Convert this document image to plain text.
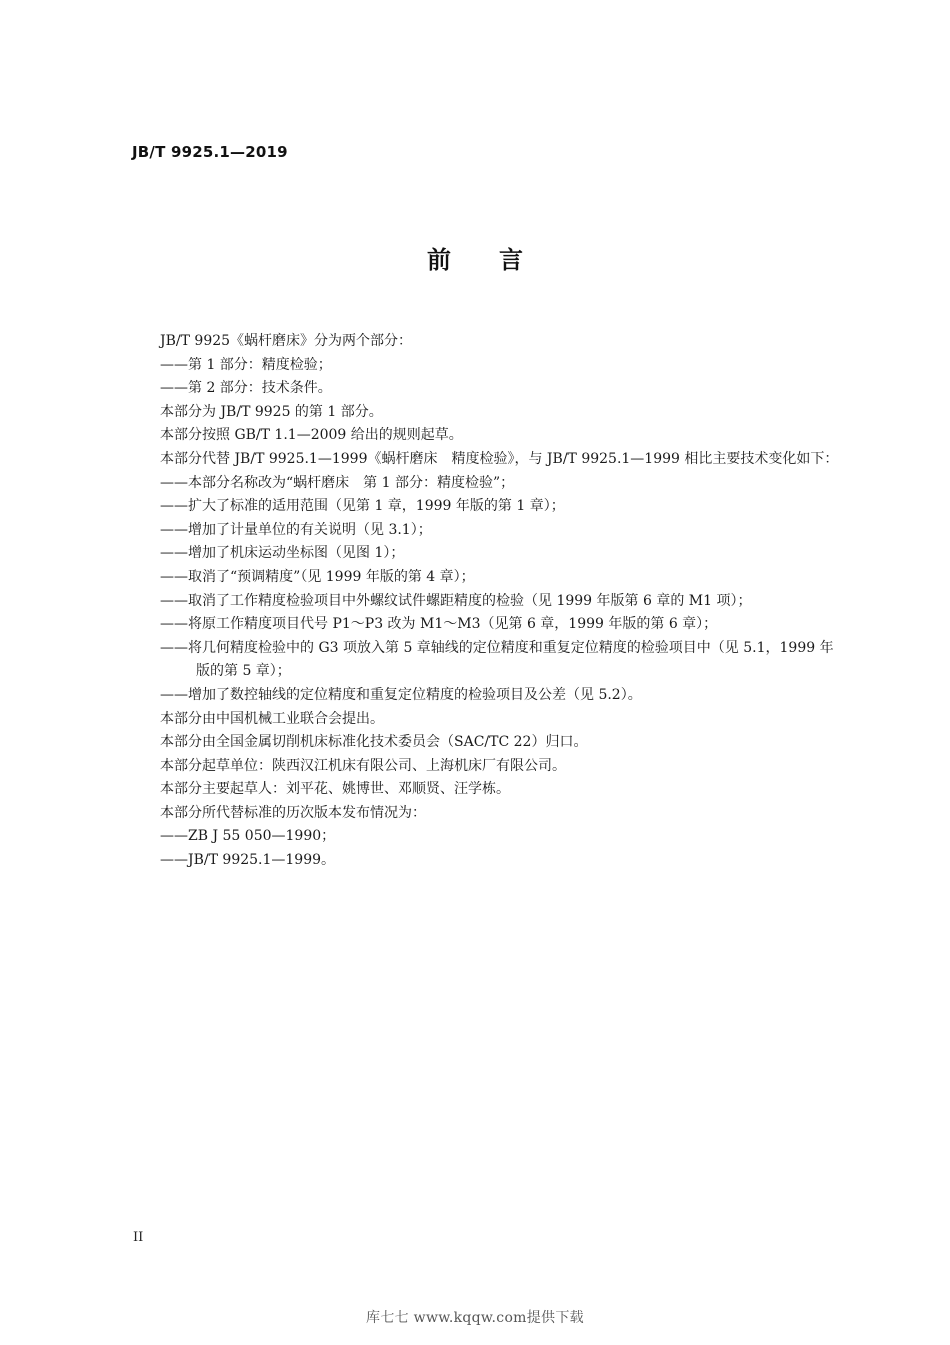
JB/T 9925.1—2019
前言

JB/T 9925《蜗杆磨床》分为两个部分：

——第 1 部分：精度检验；

——第 2 部分：技术条件。

本部分为 JB/T 9925 的第 1 部分。

本部分按照 GB/T 1.1—2009 给出的规则起草。

本部分代替 JB/T 9925.1—1999《蜗杆磨床　精度检验》，与 JB/T 9925.1—1999 相比主要技术变化如下：

——本部分名称改为“蜗杆磨床　第 1 部分：精度检验”；

——扩大了标准的适用范围（见第 1 章，1999 年版的第 1 章）；

——增加了计量单位的有关说明（见 3.1）；

——增加了机床运动坐标图（见图 1）；

——取消了“预调精度”（见 1999 年版的第 4 章）；

——取消了工作精度检验项目中外螺纹试件螺距精度的检验（见 1999 年版第 6 章的 M1 项）；

——将原工作精度项目代号 P1～P3 改为 M1～M3（见第 6 章，1999 年版的第 6 章）；

——将几何精度检验中的 G3 项放入第 5 章轴线的定位精度和重复定位精度的检验项目中（见 5.1，1999 年版的第 5 章）；

——增加了数控轴线的定位精度和重复定位精度的检验项目及公差（见 5.2）。

本部分由中国机械工业联合会提出。

本部分由全国金属切削机床标准化技术委员会（SAC/TC 22）归口。

本部分起草单位：陕西汉江机床有限公司、上海机床厂有限公司。

本部分主要起草人：刘平花、姚博世、邓顺贤、汪学栋。

本部分所代替标准的历次版本发布情况为：

——ZB J 55 050—1990；

——JB/T 9925.1—1999。

II
库七七 www.kqqw.com提供下载
